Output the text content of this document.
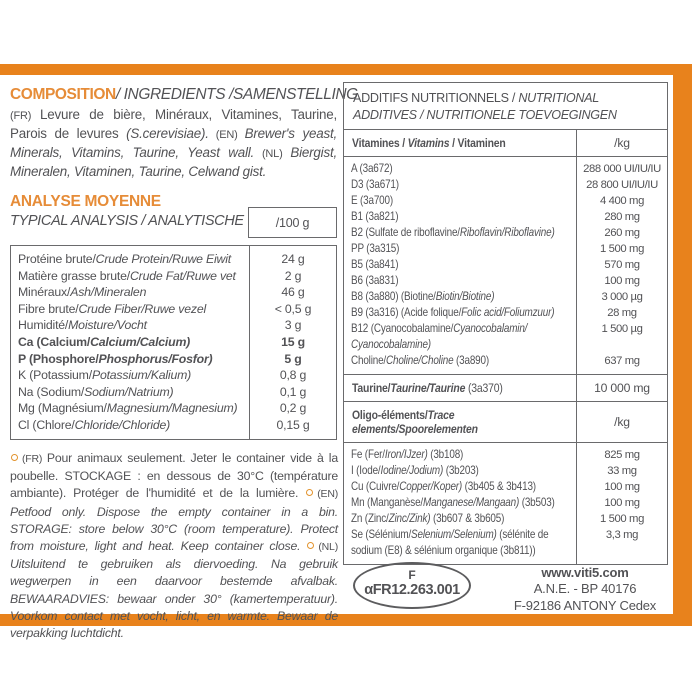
COMPOSITION/ INGREDIENTS /SAMENSTELLING

(FR) Levure de bière, Minéraux, Vitamines, Taurine, Parois de levures (S.cerevisiae). (EN) Brewer's yeast, Minerals, Vitamins, Taurine, Yeast wall. (NL) Biergist, Mineralen, Vitaminen, Taurine, Celwand gist.

ANALYSE MOYENNE
TYPICAL ANALYSIS / ANALYTISCHE	/100 g
Protéine brute/Crude Protein/Ruwe Eiwit	24 g
Matière grasse brute/Crude Fat/Ruwe vet	2 g
Minéraux/Ash/Mineralen	46 g
Fibre brute/Crude Fiber/Ruwe vezel	< 0,5 g
Humidité/Moisture/Vocht	3 g
Ca (Calcium/Calcium/Calcium)	15 g
P (Phosphore/Phosphorus/Fosfor)	5 g
K (Potassium/Potassium/Kalium)	0,8 g
Na (Sodium/Sodium/Natrium)	0,1 g
Mg (Magnésium/Magnesium/Magnesium)	0,2 g
Cl (Chlore/Chloride/Chloride)	0,15 g

(FR) Pour animaux seulement. Jeter le container vide à la poubelle. STOCKAGE : en dessous de 30°C (température ambiante). Protéger de l'humidité et de la lumière. (EN) Petfood only. Dispose the empty container in a bin. STORAGE: store below 30°C (room temperature). Protect from moisture, light and heat. Keep container close. (NL) Uitsluitend te gebruiken als diervoeding. Na gebruik wegwerpen in een daarvoor bestemde afvalbak. BEWAARADVIES: bewaar onder 30° (kamertemperatuur). Voorkom contact met vocht, licht, en warmte. Bewaar de verpakking luchtdicht.

ADDITIFS NUTRITIONNELS / NUTRITIONAL ADDITIVES / NUTRITIONELE TOEVOEGINGEN
Vitamines / Vitamins / Vitaminen	/kg
A (3a672)	288 000 UI/IU/IU
D3 (3a671)	28 800 UI/IU/IU
E (3a700)	4 400 mg
B1 (3a821)	280 mg
B2 (Sulfate de riboflavine/​Riboflavin/​Riboflavine)	260 mg
PP (3a315)	1 500 mg
B5 (3a841)	570 mg
B6 (3a831)	100 mg
B8 (3a880) (Biotine/​Biotin/​Biotine)	3 000 µg
B9 (3a316) (Acide folique/​Folic acid/​Foliumzuur)	28 mg
B12 (Cyanocobalamine/​Cyanocobalamin/​Cyanocobalamine)
1 500 µg
Choline/​Choline/​Choline (3a890)	637 mg
Taurine/Taurine/Taurine (3a370)	10 000 mg
Oligo-éléments/Trace elements/Spoorelementen	/kg
Fe (Fer/​Iron/​IJzer) (3b108)	825 mg
I (Iode/​Iodine/​Jodium) (3b203)	33 mg
Cu (Cuivre/​Copper/​Koper) (3b405 & 3b413)	100 mg
Mn (Manganèse/​Manganese/​Mangaan) (3b503)	100 mg
Zn (Zinc/​Zinc/​Zink) (3b607 & 3b605)	1 500 mg
Se (Sélénium/​Selenium/​Selenium) (sélénite de sodium (E8) & sélénium organique (3b811))
3,3 mg
F
αFR12.263.001
www.viti5.com
A.N.E. - BP 40176
F-92186 ANTONY Cedex
